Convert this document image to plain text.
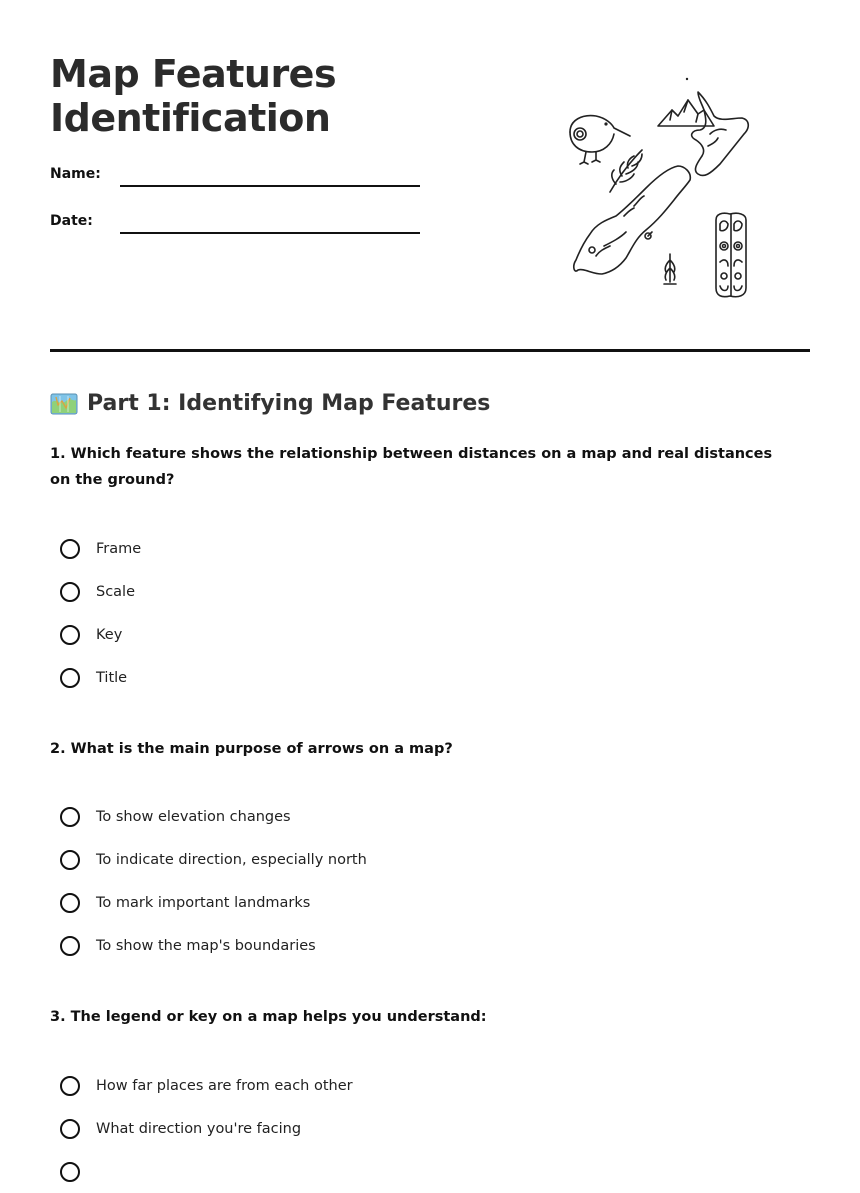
Map Features
Identification
Name:
Date:
Part 1: Identifying Map Features

1. Which feature shows the relationship between distances on a map and real distances on the ground?

Frame
Scale
Key
Title

2. What is the main purpose of arrows on a map?

To show elevation changes
To indicate direction, especially north
To mark important landmarks
To show the map's boundaries

3. The legend or key on a map helps you understand:

How far places are from each other
What direction you're facing
